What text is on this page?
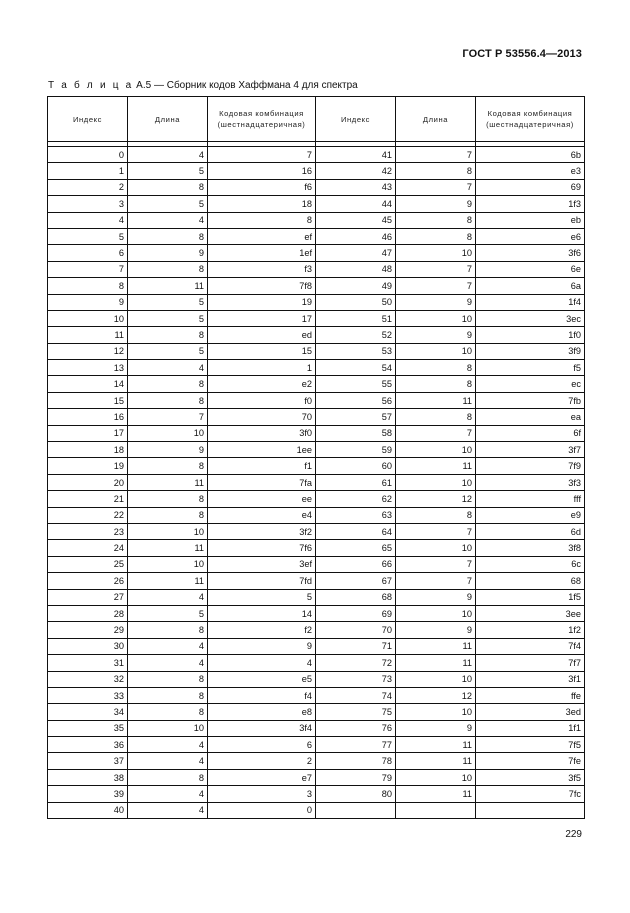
ГОСТ Р 53556.4—2013
Т а б л и ц а А.5 — Сборник кодов Хаффмана 4 для спектра
Индекс	Длина	Кодовая комбинация (шестнадцатеричная)	Индекс	Длина	Кодовая комбинация (шестнадцатеричная)

0	4	7	41	7	6b
1	5	16	42	8	e3
2	8	f6	43	7	69
3	5	18	44	9	1f3
4	4	8	45	8	eb
5	8	ef	46	8	e6
6	9	1ef	47	10	3f6
7	8	f3	48	7	6e
8	11	7f8	49	7	6a
9	5	19	50	9	1f4
10	5	17	51	10	3ec
11	8	ed	52	9	1f0
12	5	15	53	10	3f9
13	4	1	54	8	f5
14	8	e2	55	8	ec
15	8	f0	56	11	7fb
16	7	70	57	8	ea
17	10	3f0	58	7	6f
18	9	1ee	59	10	3f7
19	8	f1	60	11	7f9
20	11	7fa	61	10	3f3
21	8	ee	62	12	fff
22	8	e4	63	8	e9
23	10	3f2	64	7	6d
24	11	7f6	65	10	3f8
25	10	3ef	66	7	6c
26	11	7fd	67	7	68
27	4	5	68	9	1f5
28	5	14	69	10	3ee
29	8	f2	70	9	1f2
30	4	9	71	11	7f4
31	4	4	72	11	7f7
32	8	e5	73	10	3f1
33	8	f4	74	12	ffe
34	8	e8	75	10	3ed
35	10	3f4	76	9	1f1
36	4	6	77	11	7f5
37	4	2	78	11	7fe
38	8	e7	79	10	3f5
39	4	3	80	11	7fc
40	4	0			
229
